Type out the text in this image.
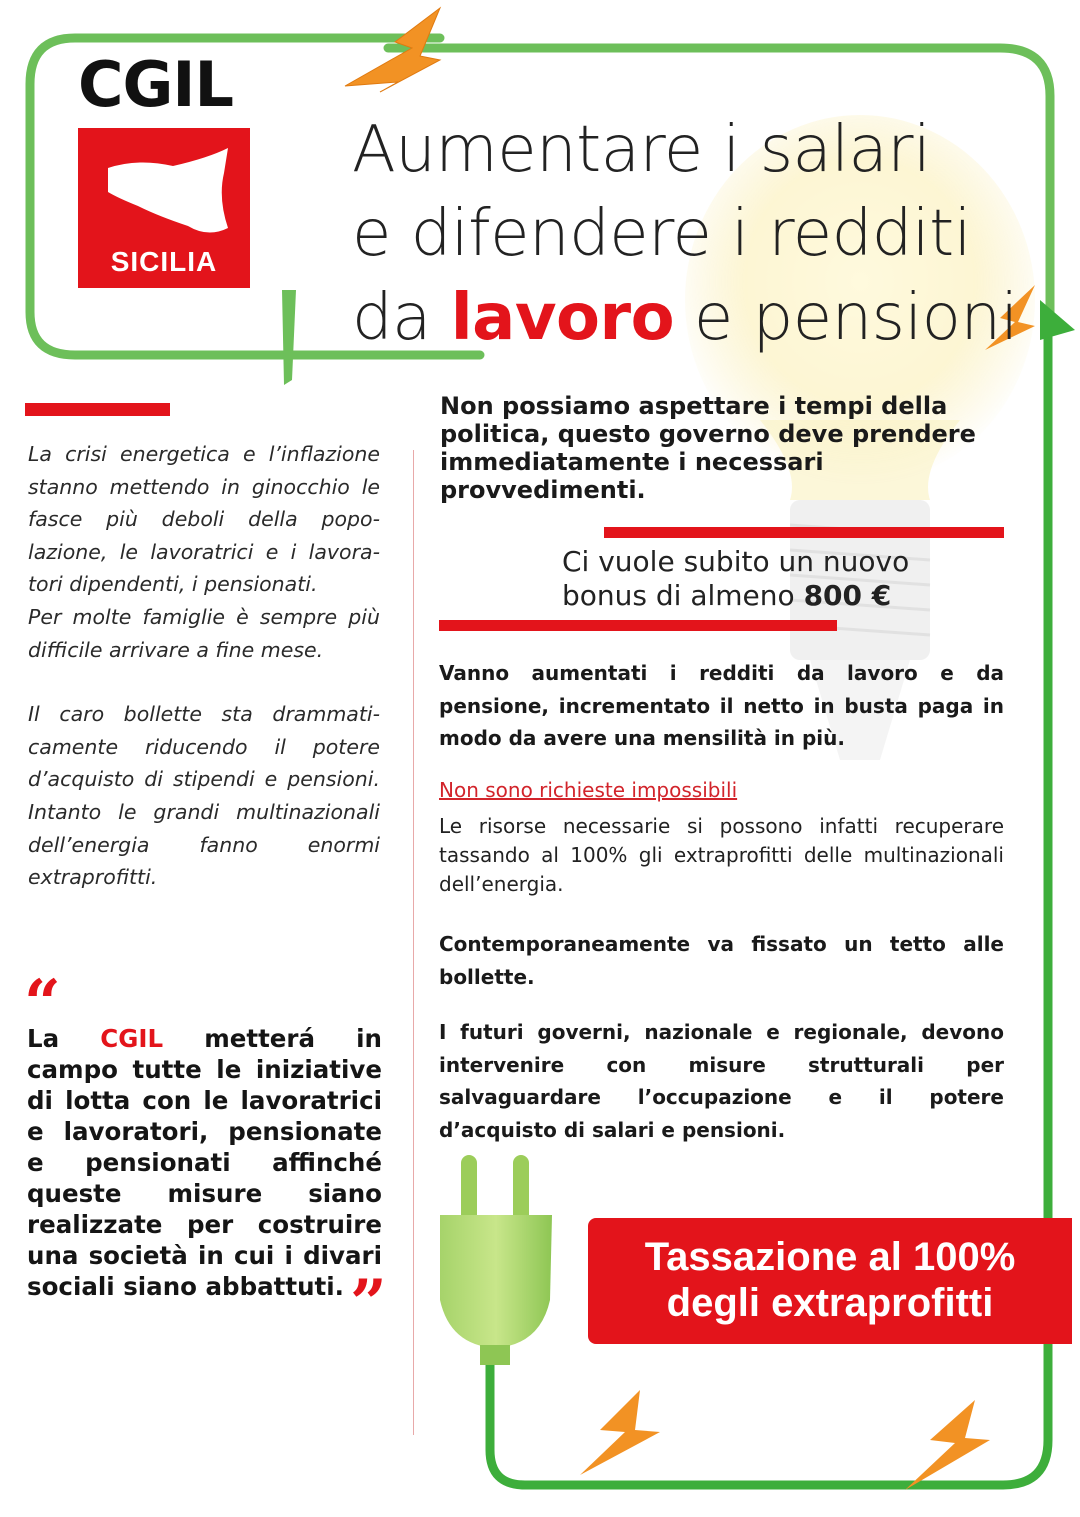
CGIL
SICILIA
Aumentare i salari
e difendere i redditi
da lavoro e pensioni

La crisi energetica e l’inflazione stanno mettendo in ginocchio le fasce più deboli della popo- lazione, le lavoratrici e i lavora- tori dipendenti, i pensionati.

Per molte famiglie è sempre più difficile arrivare a fine mese.

Il caro bollette sta drammati- camente riducendo il potere d’acquisto di stipendi e pensioni. Intanto le grandi multinazionali dell’energia fanno enormi extraprofitti.

“
La CGIL metterá in campo tutte le iniziative di lotta con le lavoratrici e lavoratori, pensionate e pensionati affinché queste misure siano realizzate per costruire una società in cui i divari sociali siano abbattuti. ”
Non possiamo aspettare i tempi della politica, questo governo deve prendere immediatamente i necessari provvedimenti.
Ci vuole subito un nuovo
bonus di almeno 800 €
Vanno aumentati i redditi da lavoro e da pensione, incrementato il netto in busta paga in modo da avere una mensilità in più.
Non sono richieste impossibili
Le risorse necessarie si possono infatti recuperare tassando al 100% gli extraprofitti delle multinazionali dell’energia.
Contemporaneamente va fissato un tetto alle bollette.
I futuri governi, nazionale e regionale, devono intervenire con misure strutturali per salvaguardare l’occupazione e il potere d’acquisto di salari e pensioni.
Tassazione al 100%
degli extraprofitti
